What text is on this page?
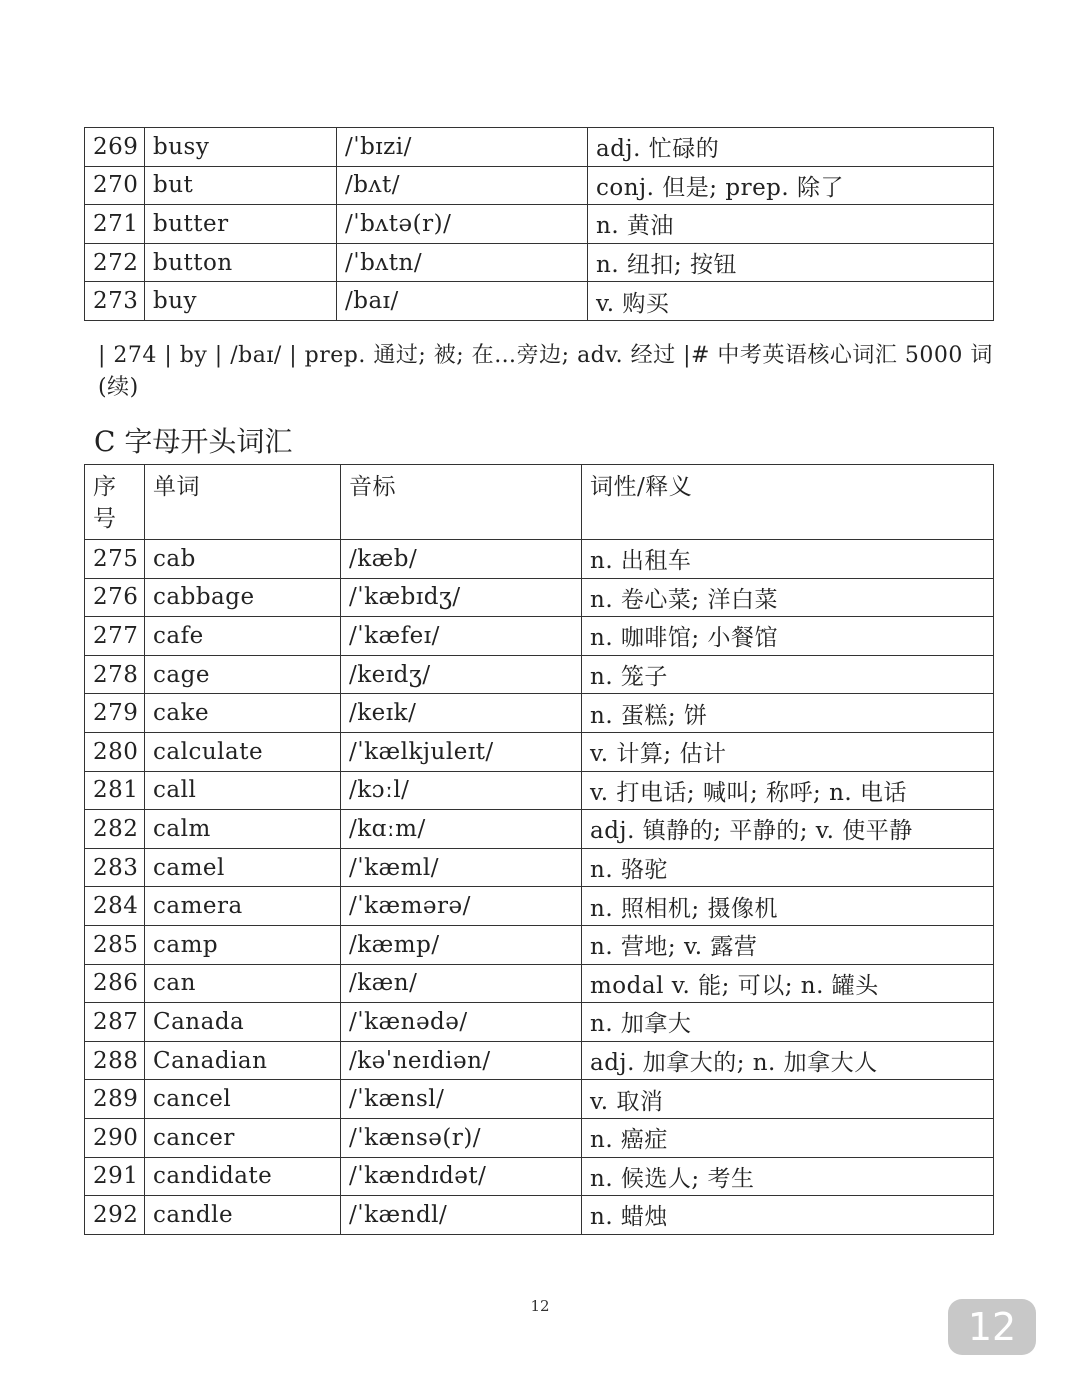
269	busy	/ˈbɪzi/	adj. 忙碌的
270	but	/bʌt/	conj. 但是; prep. 除了
271	butter	/ˈbʌtə(r)/	n. 黄油
272	button	/ˈbʌtn/	n. 纽扣; 按钮
273	buy	/baɪ/	v. 购买

| 274 | by | /baɪ/ | prep. 通过; 被; 在…旁边; adv. 经过 |# 中考英语核心词汇 5000 词 (续)

C 字母开头词汇
序号	单词	音标	词性/释义
275	cab	/kæb/	n. 出租车
276	cabbage	/ˈkæbɪdʒ/	n. 卷心菜; 洋白菜
277	cafe	/ˈkæfeɪ/	n. 咖啡馆; 小餐馆
278	cage	/keɪdʒ/	n. 笼子
279	cake	/keɪk/	n. 蛋糕; 饼
280	calculate	/ˈkælkjuleɪt/	v. 计算; 估计
281	call	/kɔːl/	v. 打电话; 喊叫; 称呼; n. 电话
282	calm	/kɑːm/	adj. 镇静的; 平静的; v. 使平静
283	camel	/ˈkæml/	n. 骆驼
284	camera	/ˈkæmərə/	n. 照相机; 摄像机
285	camp	/kæmp/	n. 营地; v. 露营
286	can	/kæn/	modal v. 能; 可以; n. 罐头
287	Canada	/ˈkænədə/	n. 加拿大
288	Canadian	/kəˈneɪdiən/	adj. 加拿大的; n. 加拿大人
289	cancel	/ˈkænsl/	v. 取消
290	cancer	/ˈkænsə(r)/	n. 癌症
291	candidate	/ˈkændɪdət/	n. 候选人; 考生
292	candle	/ˈkændl/	n. 蜡烛
12	12
